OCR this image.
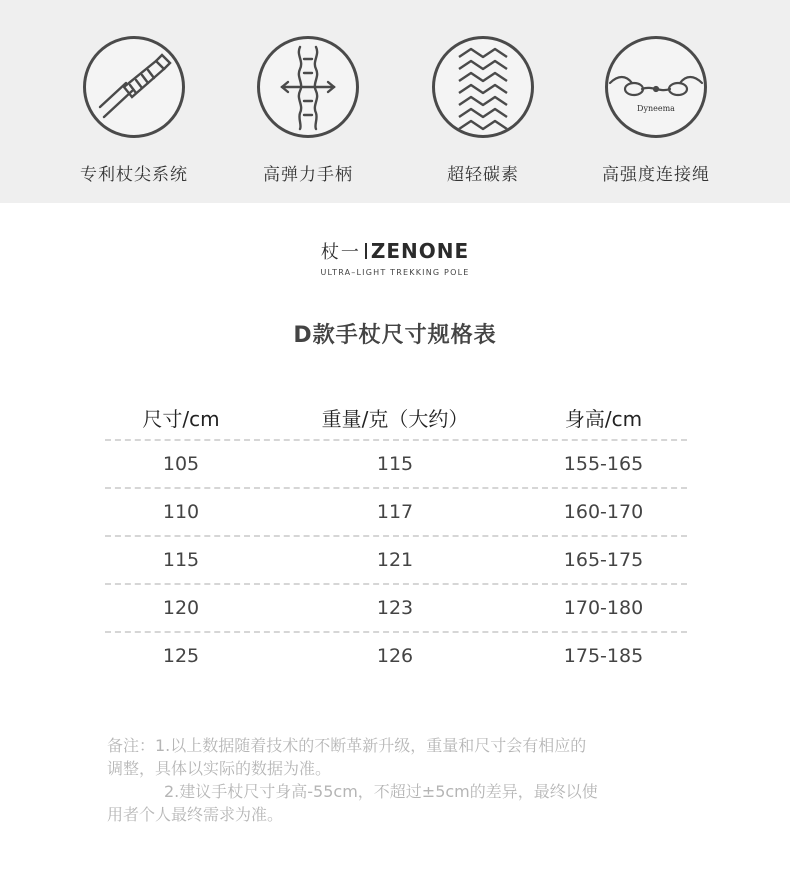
专利杖尖系统	高弹力手柄	超轻碳素
Dyneema
高强度连接绳
杖一 ZENONE
ULTRA–LIGHT TREKKING POLE
D款手杖尺寸规格表
尺寸/cm	重量/克（大约）	身高/cm
105	115	155-165
110	117	160-170
115	121	165-175
120	123	170-180
125	126	175-185

备注：1.以上数据随着技术的不断革新升级，重量和尺寸会有相应的

调整，具体以实际的数据为准。

2.建议手杖尺寸身高-55cm，不超过±5cm的差异，最终以使

用者个人最终需求为准。
